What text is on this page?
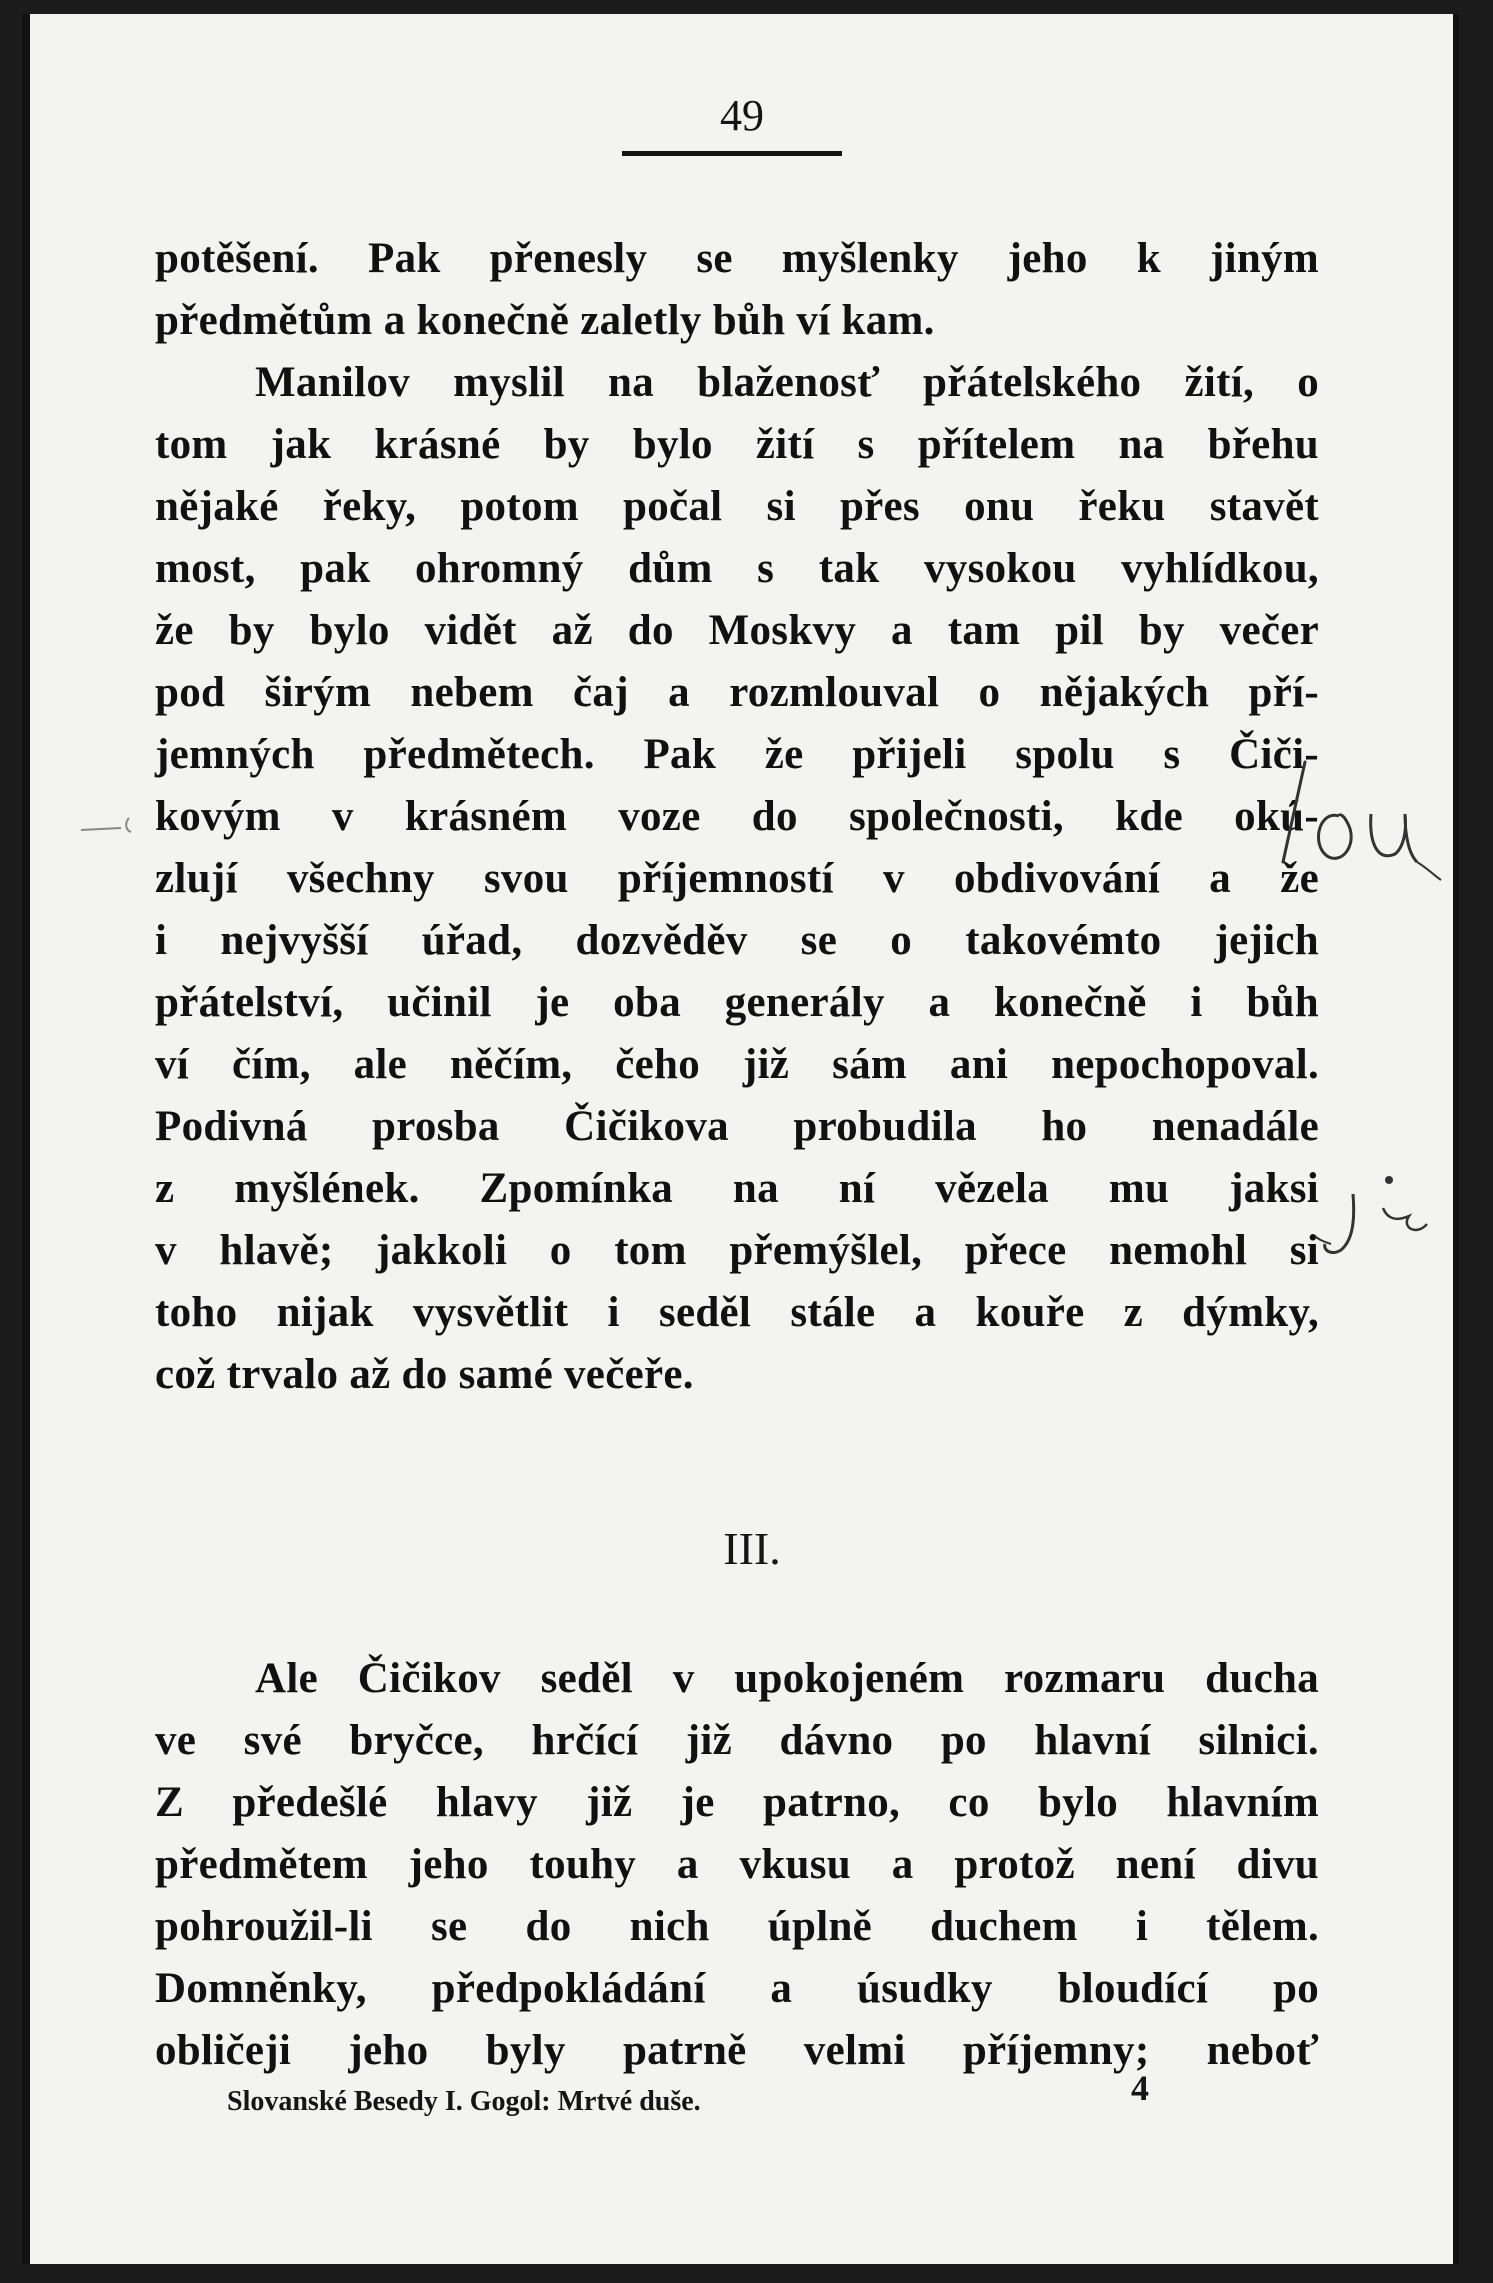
49
potěšení. Pak přenesly se myšlenky jeho k jiným
předmětům a konečně zaletly bůh ví kam.
Manilov myslil na blaženosť přátelského žití, o
tom jak krásné by bylo žití s přítelem na břehu
nějaké řeky, potom počal si přes onu řeku stavět
most, pak ohromný dům s tak vysokou vyhlídkou,
že by bylo vidět až do Moskvy a tam pil by večer
pod širým nebem čaj a rozmlouval o nějakých pří-
jemných předmětech. Pak že přijeli spolu s Čiči-
kovým v krásném voze do společnosti, kde okú-
zlují všechny svou příjemností v obdivování a že
i nejvyšší úřad, dozvěděv se o takovémto jejich
přátelství, učinil je oba generály a konečně i bůh
ví čím, ale něčím, čeho již sám ani nepochopoval.
Podivná prosba Čičikova probudila ho nenadále
z myšlének. Zpomínka na ní vězela mu jaksi
v hlavě; jakkoli o tom přemýšlel, přece nemohl si
toho nijak vysvětlit i seděl stále a kouře z dýmky,
což trvalo až do samé večeře.
III.
Ale Čičikov seděl v upokojeném rozmaru ducha
ve své bryčce, hrčící již dávno po hlavní silnici.
Z předešlé hlavy již je patrno, co bylo hlavním
předmětem jeho touhy a vkusu a protož není divu
pohroužil-li se do nich úplně duchem i tělem.
Domněnky, předpokládání a úsudky bloudící po
obličeji jeho byly patrně velmi příjemny; neboť
Slovanské Besedy I. Gogol: Mrtvé duše.	4
